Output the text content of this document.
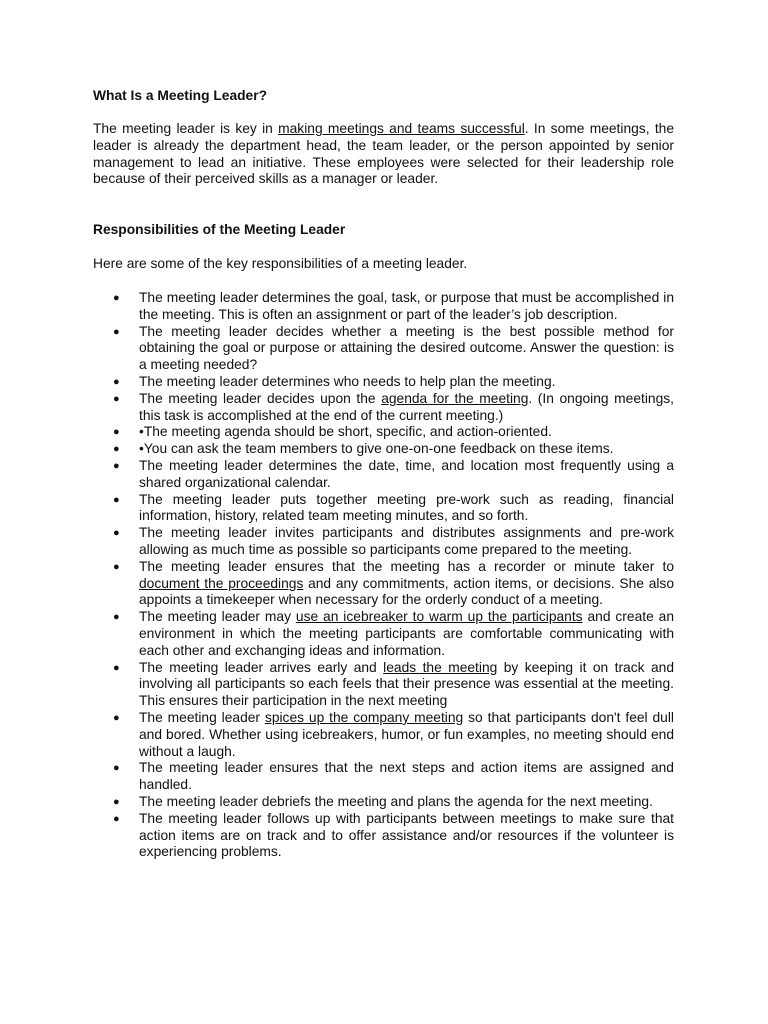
What Is a Meeting Leader?

The meeting leader is key in making meetings and teams successful. In some meetings, the leader is already the department head, the team leader, or the person appointed by senior management to lead an initiative. These employees were selected for their leadership role because of their perceived skills as a manager or leader.

Responsibilities of the Meeting Leader

Here are some of the key responsibilities of a meeting leader.

● The meeting leader determines the goal, task, or purpose that must be accomplished in the meeting. This is often an assignment or part of the leader’s job description.
● The meeting leader decides whether a meeting is the best possible method for obtaining the goal or purpose or attaining the desired outcome. Answer the question: is a meeting needed?
● The meeting leader determines who needs to help plan the meeting.
● The meeting leader decides upon the agenda for the meeting. (In ongoing meetings, this task is accomplished at the end of the current meeting.)
● •The meeting agenda should be short, specific, and action-oriented.
● •You can ask the team members to give one-on-one feedback on these items.
● The meeting leader determines the date, time, and location most frequently using a shared organizational calendar.
● The meeting leader puts together meeting pre-work such as reading, financial information, history, related team meeting minutes, and so forth.
● The meeting leader invites participants and distributes assignments and pre-work allowing as much time as possible so participants come prepared to the meeting.
● The meeting leader ensures that the meeting has a recorder or minute taker to document the proceedings and any commitments, action items, or decisions. She also appoints a timekeeper when necessary for the orderly conduct of a meeting.
● The meeting leader may use an icebreaker to warm up the participants and create an environment in which the meeting participants are comfortable communicating with each other and exchanging ideas and information.
● The meeting leader arrives early and leads the meeting by keeping it on track and involving all participants so each feels that their presence was essential at the meeting. This ensures their participation in the next meeting
● The meeting leader spices up the company meeting so that participants don't feel dull and bored. Whether using icebreakers, humor, or fun examples, no meeting should end without a laugh.
● The meeting leader ensures that the next steps and action items are assigned and handled.
● The meeting leader debriefs the meeting and plans the agenda for the next meeting.
● The meeting leader follows up with participants between meetings to make sure that action items are on track and to offer assistance and/or resources if the volunteer is experiencing problems.
